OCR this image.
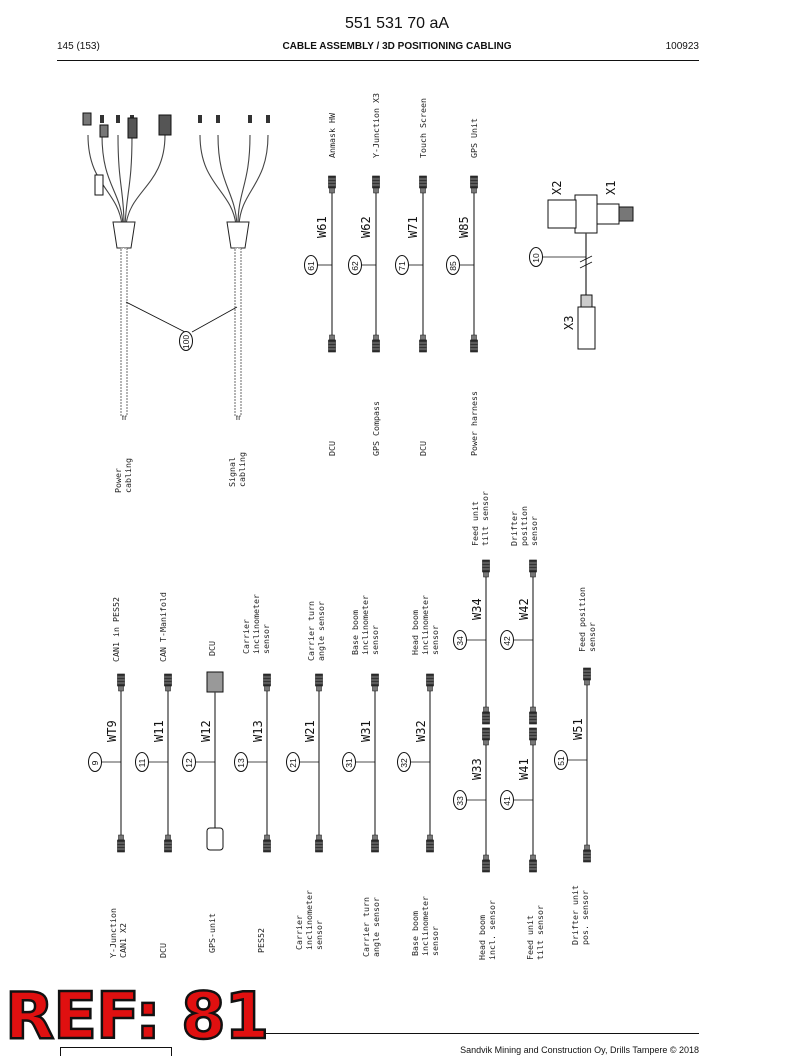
551 531 70 aA
145 (153)	CABLE ASSEMBLY / 3D POSITIONING CABLING	100923
100
Power cabling	Signal cabling
Anmask HW
DCU
W61
61
Y-Junction X3
GPS Compass
W62
62
Touch Screen
DCU
W71
71
GPS Unit
Power harness
W85
85
X1
X2
X3
10
9
WT9
CAN1 in PES52
Y-Junction CAN1 X2
11
W11
CAN T-Manifold
DCU
12
W12
DCU
GPS-unit
13
W13
Carrier inclinometer sensor
PES52
21
W21
Carrier turn angle sensor
Carrier inclinometer sensor
31
W31
Base boom inclinometer sensor
Carrier turn angle sensor
32
W32
Head boom inclinometer sensor
Base boom inclinometer sensor
33
W33
Head boom incl. sensor
34
W34
Feed unit tilt sensor
41
W41
Feed unit tilt sensor
42
W42
Drifter position sensor
51
W51
Feed position sensor
Drifter unit pos. sensor
Sandvik Mining and Construction Oy, Drills Tampere © 2018
REF: 81
